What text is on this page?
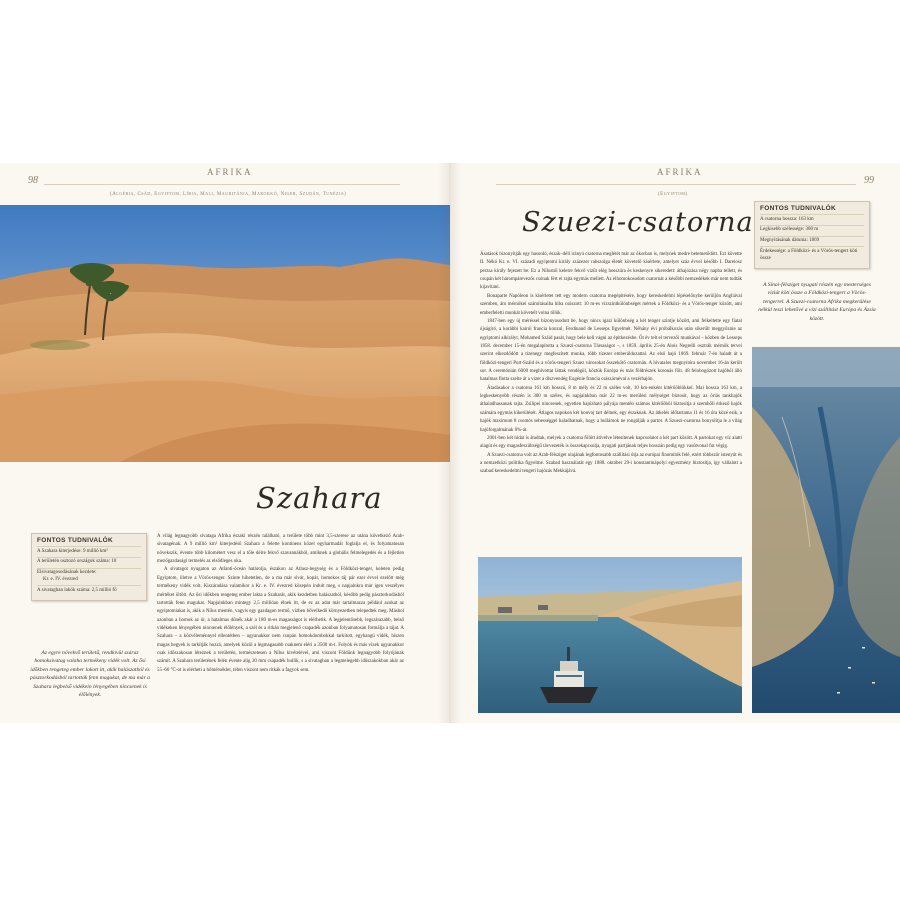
98
AFRIKA
(Algéria, Csád, Egyiptom, Líbia, Mali, Mauritánia, Marokkó, Niger, Szudán, Tunézia)
Szahara
FONTOS TUDNIVALÓK
A Szahara kiterjedése: 9 millió km²
A területén osztozó országok száma: 10
Elsivatagosodásának kezdete:
Kr. e. IV. évezred
A sivatagban lakók száma: 2,5 millió fő
Az egyre növekvő területű, rendkívül száraz homoksivatag valaha termékeny vidék volt. Az ősi időkben rengeteg ember lakott itt, akik halászatból és pásztorkodásból tartották fenn magukat, de ma már a Szahara legbelső vidékein lényegében nincsenek is élőlények.

A világ legnagyobb sivataga Afrika északi részén található, a területe több mint 3,5-szerese az utána következő Arab-sivatagénak. A 9 millió km² kiterjedésű Szahara a felette kontinens közel egyharmadát foglalja el, és folyamatosan növekszik, évente több kilométert vesz el a tőle délre fekvő szavannákból, amiknek a globális felmelegedés és a fejletlen mezőgazdasági termelés az elsődleges oka.

A sivatagot nyugaton az Atlanti-óceán határolja, északon az Atlasz-hegység és a Földközi-tenger, keleten pedig Egyiptom, illetve a Vörös-tenger. Szinte hihetetlen, de a ma már sivár, kopár, homokos táj pár ezer évvel ezelőtt még termékeny vidék volt. Kiszáradása valamikor a Kr. e. IV. évezred közepén indult meg, s napjainkra már igen veszélyes mértéket öltött. Az ősi időkben rengeteg ember lakta a Szaharát, akik kezdetben halászatból, később pedig pásztorkodásból tartották fenn magukat. Napjainkban mintegy 2,5 millióan élnek itt, de ez az adat már tartalmazza például azokat az egyiptomiakat is, akik a Nílus mentén, vagyis egy gazdagon termő, vízben bővelkedő környezetben telepedtek meg. Máshol azonban a homok az úr, a hatalmas dűnék akár a 180 m-es magasságot is elérhetik. A legjelentősebb, legszárazabb, belső vidékeken lényegében nincsenek élőlények, a szél és a ritkán megjelenő csapadék azonban folyamatosan formálja a tájat. A Szahara – a közvéleménnyel ellentétben – ugyanakkor nem csupán homokdombokkal tarkított, egyhangú vidék, hiszen magas hegyek is tarkítják hozzá, amelyek közül a legmagasabb csaknem eléri a 3500 m-t. Folyók és más vizek ugyanakkor csak időszakosan léteznek a területén, természetesen a Nílus kivételével, ami viszont Földünk legnagyobb folyójának számít. A Szahara területének felén évente alig 20 mm csapadék hullik, s a sivatagban a legmelegebb időszakokban akár az 55–60 °C-ot is elérheti a hőmérséklet, télen viszont nem ritkák a fagyok sem.

99
AFRIKA
(Egyiptom)
Szuezi-csatorna

Ásatások bizonyítják egy hasonló, észak–déli irányú csatorna meglétét már az ókorban is, melynek medre betemetődött. Ezt követte II. Nékó Kr. e. VI. századi egyiptomi király százezer rabszolga életét követelő kísérlete, amelyet száz évvel később I. Dareiosz perzsa király fejezett be. Ez a Nílustól keletre fekvő vizűt elég hosszúra és keskenyre sikeredett: áthajózása négy napba tellett, és csupán két hárompárevezős csónak fért el rajta egymás mellett. Az elhomokosodott csatornát a későbbi nemzedékek már nem tudták kijavítani.

Bonaparte Napóleon is kísérletet tett egy modern csatorna megépítésére, hogy kereskedelmi lépéselőnybe kerüljön Angliával szemben, ám mérnökei számításaiba hiba csúszott: 10 m-es vízszintkülönbséget mértek a Földközi- és a Vörös-tenger között, ami emberfeletti munkát követelt volna tőlük.

1847-ben egy új méréssel bizonyosodott be, hogy nincs igazi különbség a két tenger szintje között, ami felkeltette egy fiatal újságíró, a korábbi kairói francia konzul, Ferdinand de Lesseps figyelmét. Néhány évi próbálkozás után sikerült meggyőznie az egyiptomi alkirályt, Mohamed Száid pasát, hogy bele kell vágni az építkezésbe. Öt év telt el tervezői munkával – közben de Lesseps 1858. december 15-én megalapította a Szuezi-csatorna Társaságot –, s 1859. április 25-én Alois Negrelli osztrák mérnök tervei szerint elkezdődött a tizenegy megfeszített munka, több tízezer emberáldozattal. Az első hajó 1869. február 7-én haladt át a földközi-tengeri Port-Száid és a vörös-tengeri Szuez városokat összekötő csatornán. A hivatalos megnyitóra november 16-án került sor. A ceremónián 6000 meghívottat láttak vendégül, köztük Európa és más földrészek koronás főit. 48 felobogózott hajóból álló hatalmas flotta szelte át a vizet a díszvendég Eugénie francia császárnéval a vezérhajón.

Átadásakor a csatorna 161 km hosszú, 8 m mély és 22 m széles volt, 10 km-enként kitérőöblökkel. Mai hossza 163 km, a legkeskenyebb részén is 300 m széles, és napjainkban már 22 m-es merülési mélységet biztosít, hogy az óriás tankhajók áthaladhassanak rajta. Zsilipei nincsenek, egyetlen hajózható pályája mentén számos kitérőöböl biztosítja a szembőli érkező hajók számára egymás kikerülését. Átlagos napokon két konvoj tart délnek, egy északnak. Az átkelés időtartama 11 és 16 óra közé esik, a hajók maximum 8 csomós sebességgel haladhatnak, hogy a hullámok ne rongálják a partot. A Szuezi-csatorna bonyolítja le a világ hajóforgalmának 8%-át.

2001-ben két hidat is átadtak, melyek a csatorna fölött átívelve létesítenek kapcsolatot a két part között. A partokat egy víz alatti alagút és egy magasfeszültségű távvezeték is összekapcsolja, nyugati partjának teljes hosszán pedig egy vasútvonal fut végig.

A Szuezi-csatorna volt az Arab-félsziget olajának legfontosabb szállítási útja az európai finomítók felé, ezért többször istenyút és a nemzetközi politika figyelme. Szabad használatát egy 1888. október 29-i konstantinápolyi egyezmény biztosítja, így vállalott a szabad kereskedelmi tengeri hajózás Mekkájává.

FONTOS TUDNIVALÓK
A csatorna hossza: 163 km
Legkisebb szélessége: 300 m
Megnyitásának dátuma: 1869
Érdekessége: a Földközi- és a Vörös-tengert köti össze
A Sínai-félsziget nyugati részén egy mesterséges víziút köti össze a Földközi-tengert a Vörös-tengerrel. A Szuezi-csatorna Afrika megkerülése nélkül teszi lehetővé a vízi szállítást Európa és Ázsia között.
